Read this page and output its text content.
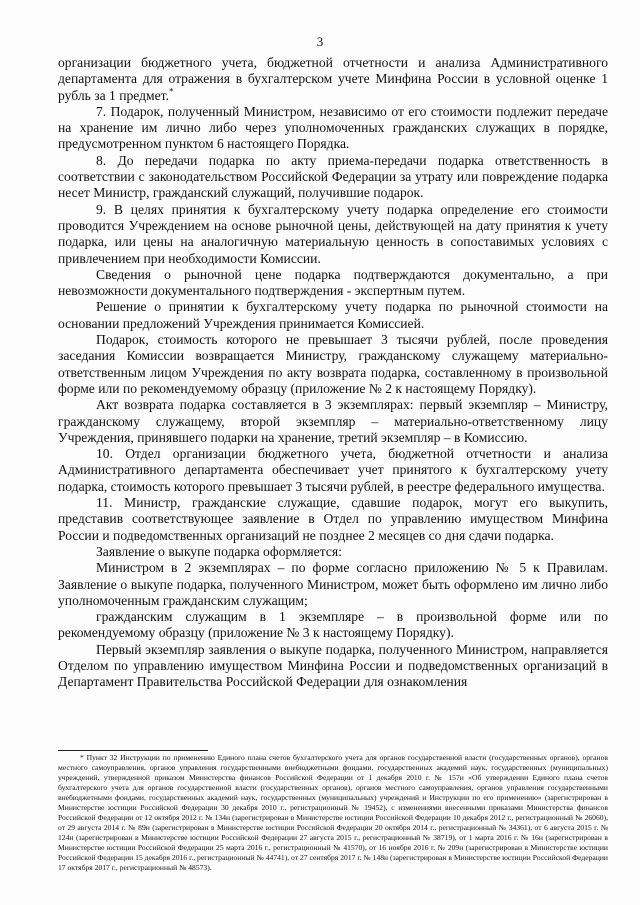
3

организации бюджетного учета, бюджетной отчетности и анализа Административного департамента для отражения в бухгалтерском учете Минфина России в условной оценке 1 рубль за 1 предмет.*

7. Подарок, полученный Министром, независимо от его стоимости подлежит передаче на хранение им лично либо через уполномоченных гражданских служащих в порядке, предусмотренном пунктом 6 настоящего Порядка.

8. До передачи подарка по акту приема-передачи подарка ответственность в соответствии с законодательством Российской Федерации за утрату или повреждение подарка несет Министр, гражданский служащий, получившие подарок.

9. В целях принятия к бухгалтерскому учету подарка определение его стоимости проводится Учреждением на основе рыночной цены, действующей на дату принятия к учету подарка, или цены на аналогичную материальную ценность в сопоставимых условиях с привлечением при необходимости Комиссии.

Сведения о рыночной цене подарка подтверждаются документально, а при невозможности документального подтверждения - экспертным путем.

Решение о принятии к бухгалтерскому учету подарка по рыночной стоимости на основании предложений Учреждения принимается Комиссией.

Подарок, стоимость которого не превышает 3 тысячи рублей, после проведения заседания Комиссии возвращается Министру, гражданскому служащему материально-ответственным лицом Учреждения по акту возврата подарка, составленному в произвольной форме или по рекомендуемому образцу (приложение № 2 к настоящему Порядку).

Акт возврата подарка составляется в 3 экземплярах: первый экземпляр – Министру, гражданскому служащему, второй экземпляр – материально-ответственному лицу Учреждения, принявшего подарки на хранение, третий экземпляр – в Комиссию.

10. Отдел организации бюджетного учета, бюджетной отчетности и анализа Административного департамента обеспечивает учет принятого к бухгалтерскому учету подарка, стоимость которого превышает 3 тысячи рублей, в реестре федерального имущества.

11. Министр, гражданские служащие, сдавшие подарок, могут его выкупить, представив соответствующее заявление в Отдел по управлению имуществом Минфина России и подведомственных организаций не позднее 2 месяцев со дня сдачи подарка.

Заявление о выкупе подарка оформляется:

Министром в 2 экземплярах – по форме согласно приложению № 5 к Правилам. Заявление о выкупе подарка, полученного Министром, может быть оформлено им лично либо уполномоченным гражданским служащим;

гражданским служащим в 1 экземпляре – в произвольной форме или по рекомендуемому образцу (приложение № 3 к настоящему Порядку).

Первый экземпляр заявления о выкупе подарка, полученного Министром, направляется Отделом по управлению имуществом Минфина России и подведомственных организаций в Департамент Правительства Российской Федерации для ознакомления

* Пункт 32 Инструкции по применению Единого плана счетов бухгалтерского учета для органов государственной власти (государственных органов), органов местного самоуправления, органов управления государственными внебюджетными фондами, государственных академий наук, государственных (муниципальных) учреждений, утвержденной приказом Министерства финансов Российской Федерации от 1 декабря 2010 г. № 157н «Об утверждении Единого плана счетов бухгалтерского учета для органов государственной власти (государственных органов), органов местного самоуправления, органов управления государственными внебюджетными фондами, государственных академий наук, государственных (муниципальных) учреждений и Инструкции по его применению» (зарегистрирован в Министерстве юстиции Российской Федерации 30 декабря 2010 г., регистрационный № 19452), с изменениями внесенными приказами Министерства финансов Российской Федерации от 12 октября 2012 г. № 134н (зарегистрирован в Министерстве юстиции Российской Федерации 10 декабря 2012 г., регистрационный № 26060), от 29 августа 2014 г. № 89н (зарегистрирован в Министерстве юстиции Российской Федерации 20 октября 2014 г., регистрационный № 34361), от 6 августа 2015 г. № 124н (зарегистрирован в Министерстве юстиции Российской Федерации 27 августа 2015 г., регистрационный № 38719), от 1 марта 2016 г. № 16н (зарегистрирован в Министерстве юстиции Российской Федерации 25 марта 2016 г., регистрационный № 41570), от 16 ноября 2016 г. № 209н (зарегистрирован в Министерстве юстиции Российской Федерации 15 декабря 2016 г., регистрационный № 44741), от 27 сентября 2017 г. № 148н (зарегистрирован в Министерстве юстиции Российской Федерации 17 октября 2017 г., регистрационный № 48573).
